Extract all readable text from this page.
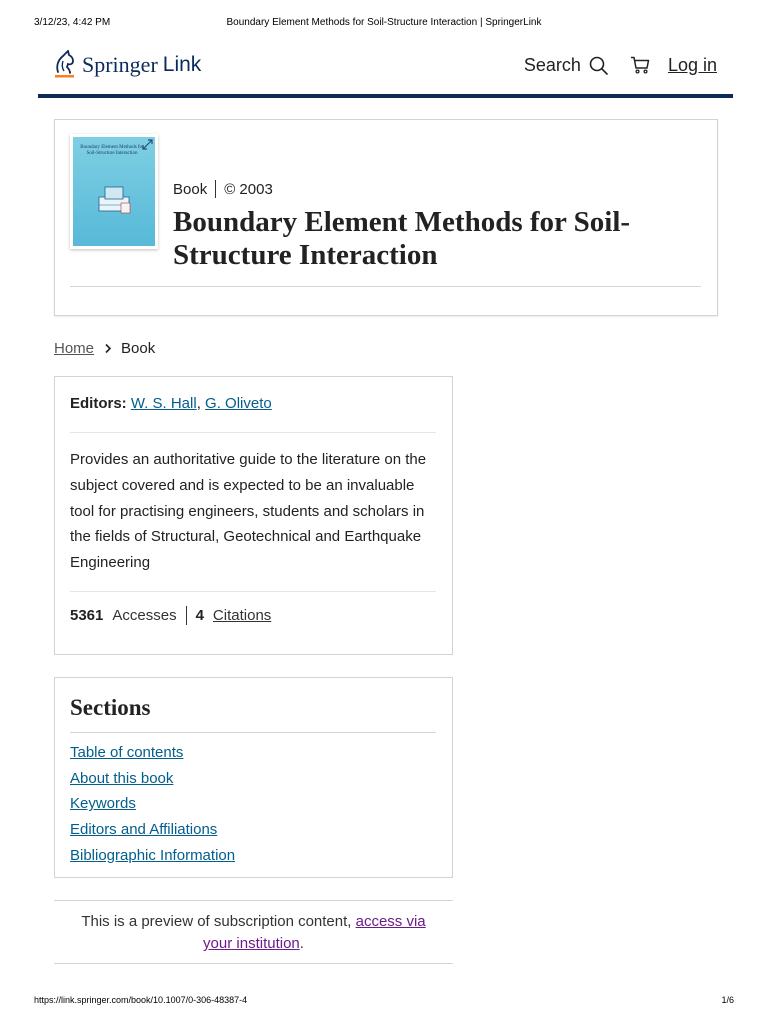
3/12/23, 4:42 PM	Boundary Element Methods for Soil-Structure Interaction | SpringerLink
Springer Link	Search	Log in
Boundary Element Methods for Soil-Structure Interaction
Book © 2003
Boundary Element Methods for Soil-Structure Interaction
Home Book
Editors: W. S. Hall, G. Oliveto

Provides an authoritative guide to the literature on the subject covered and is expected to be an invaluable tool for practising engineers, students and scholars in the fields of Structural, Geotechnical and Earthquake Engineering

5361 Accesses 4 Citations
Sections
Table of contents
About this book
Keywords
Editors and Affiliations
Bibliographic Information
This is a preview of subscription content, access via your institution.
https://link.springer.com/book/10.1007/0-306-48387-4	1/6
